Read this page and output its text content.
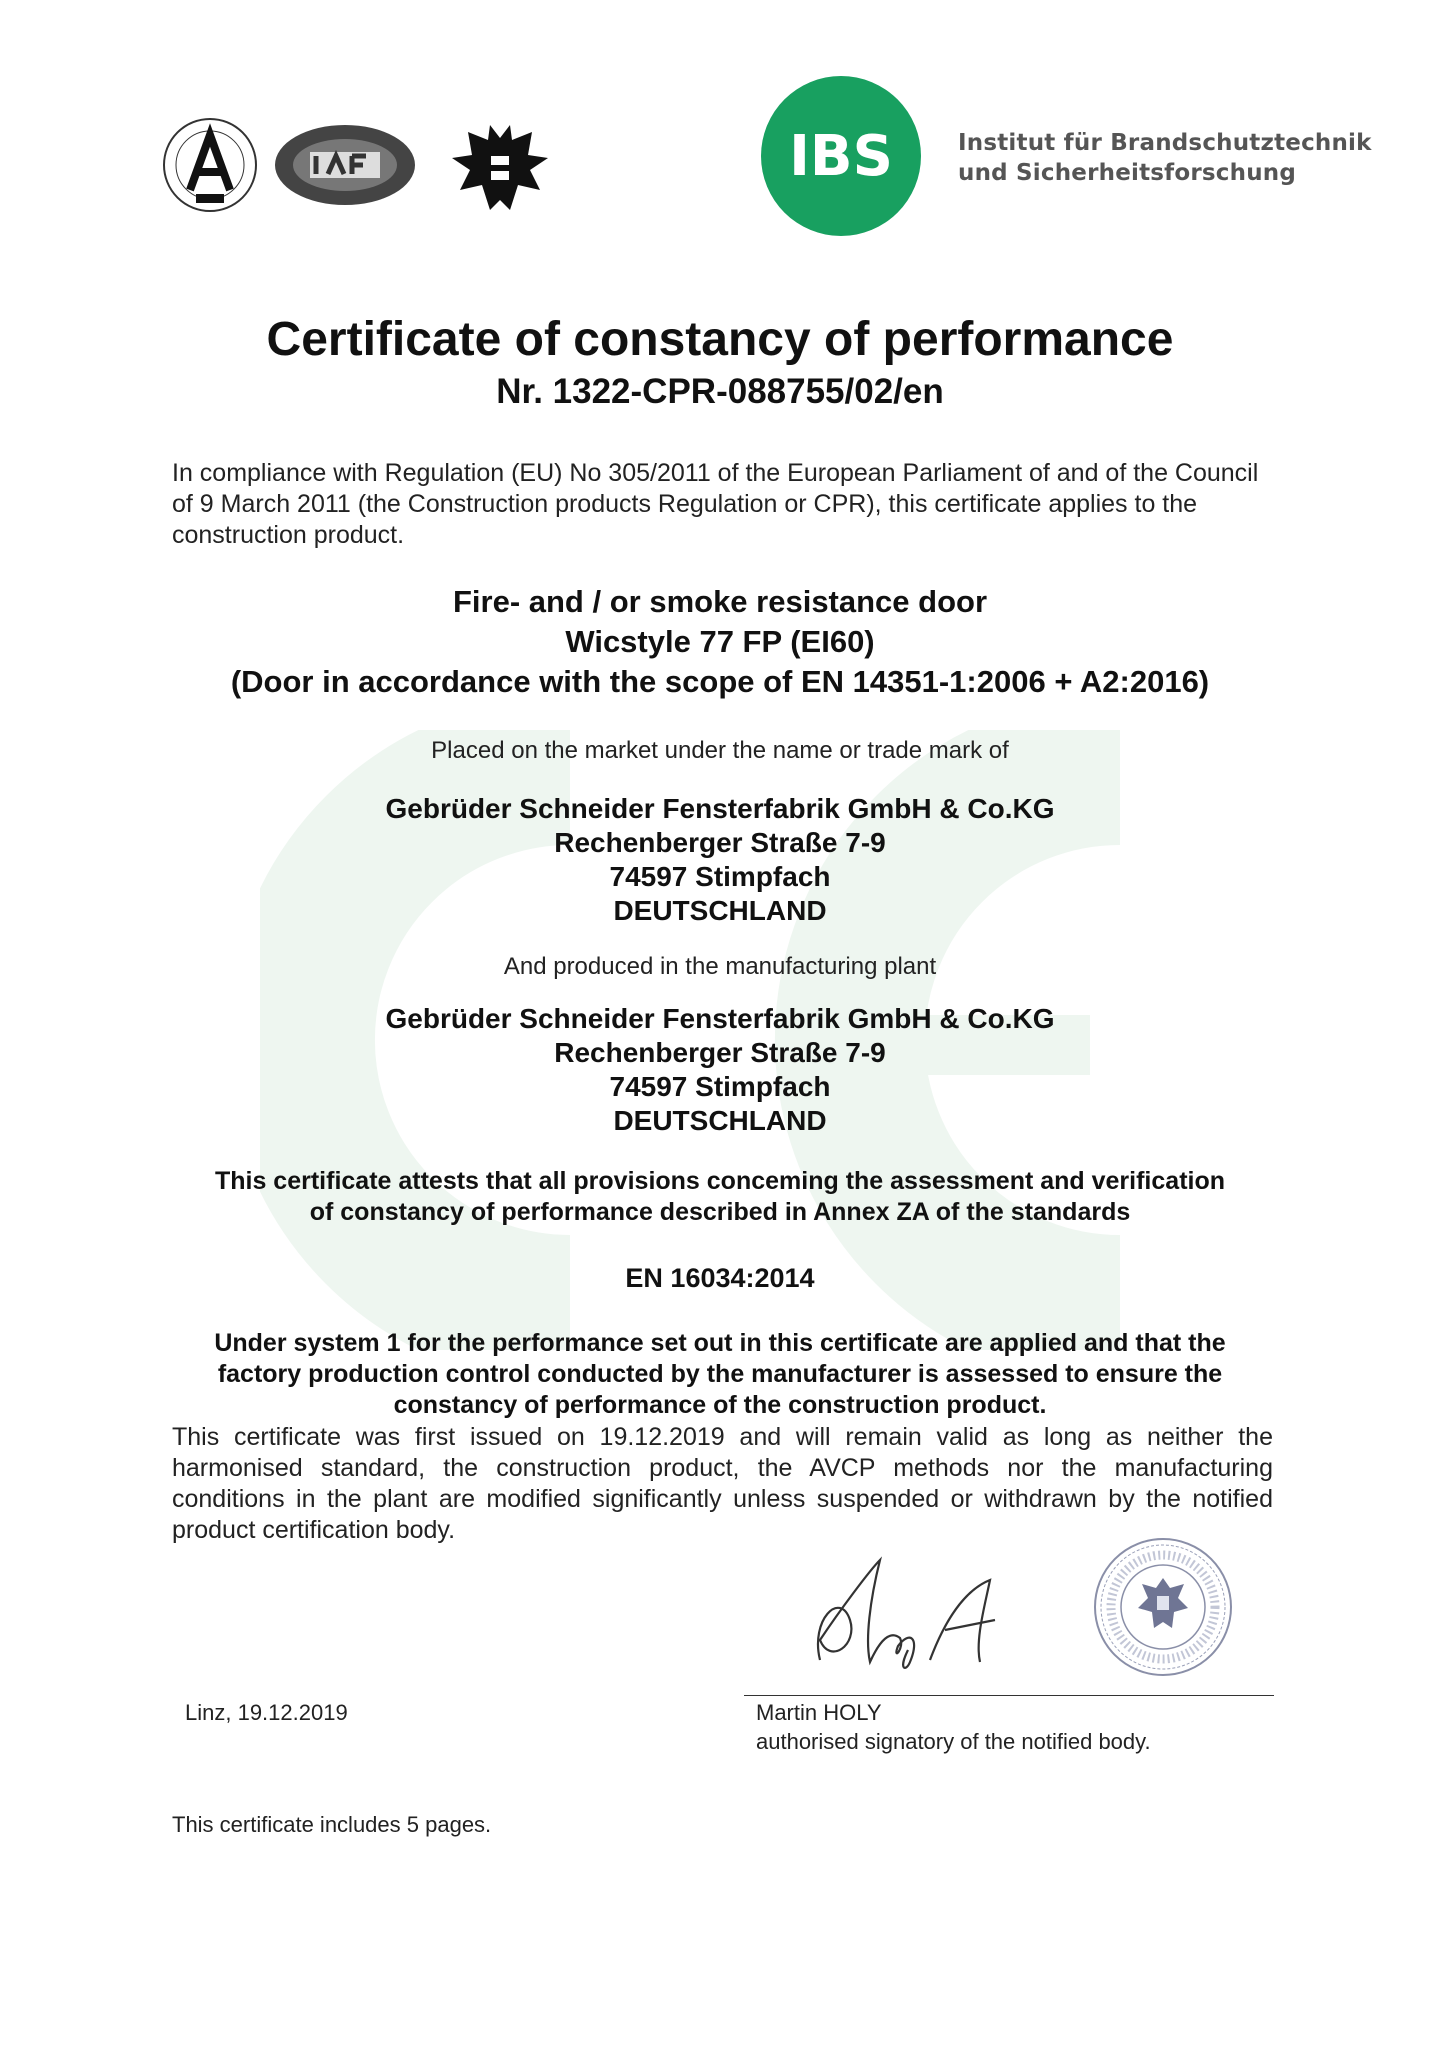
IBS	Institut für Brandschutztechnik
und Sicherheitsforschung
Certificate of constancy of performance
Nr. 1322-CPR-088755/02/en
In compliance with Regulation (EU) No 305/2011 of the European Parliament of and of the Council of 9 March 2011 (the Construction products Regulation or CPR), this certificate applies to the construction product.
Fire- and / or smoke resistance door
Wicstyle 77 FP (EI60)
(Door in accordance with the scope of EN 14351-1:2006 + A2:2016)
Placed on the market under the name or trade mark of
Gebrüder Schneider Fensterfabrik GmbH & Co.KG
Rechenberger Straße 7-9
74597 Stimpfach
DEUTSCHLAND
And produced in the manufacturing plant
Gebrüder Schneider Fensterfabrik GmbH & Co.KG
Rechenberger Straße 7-9
74597 Stimpfach
DEUTSCHLAND
This certificate attests that all provisions conceming the assessment and verification
of constancy of performance described in Annex ZA of the standards
EN 16034:2014
Under system 1 for the performance set out in this certificate are applied and that the
factory production control conducted by the manufacturer is assessed to ensure the
constancy of performance of the construction product.
This certificate was first issued on 19.12.2019 and will remain valid as long as neither the harmonised standard, the construction product, the AVCP methods nor the manufacturing conditions in the plant are modified significantly unless suspended or withdrawn by the notified product certification body.
Linz, 19.12.2019	Martin HOLY
authorised signatory of the notified body.
This certificate includes 5 pages.
